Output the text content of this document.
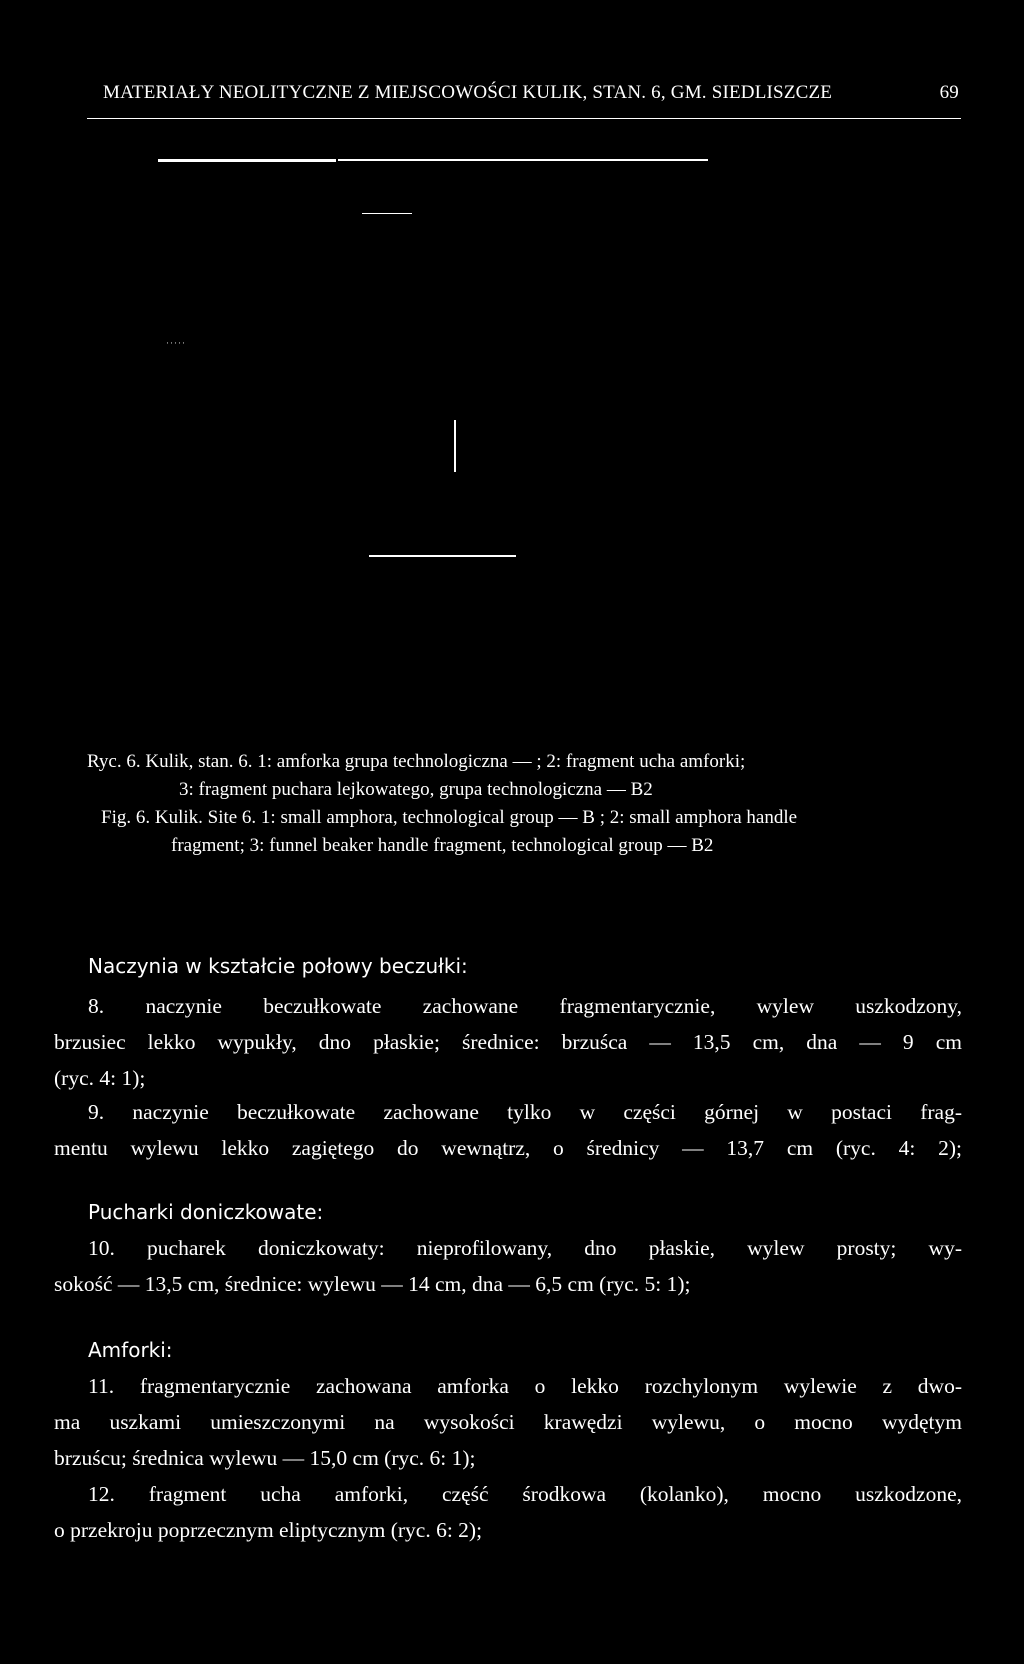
MATERIAŁY NEOLITYCZNE Z MIEJSCOWOŚCI KULIK, STAN. 6, GM. SIEDLISZCZE	69
·····
Ryc. 6. Kulik, stan. 6. 1: amforka grupa technologiczna — ; 2: fragment ucha amforki;
3: fragment puchara lejkowatego, grupa technologiczna — B2
Fig. 6. Kulik. Site 6. 1: small amphora, technological group — B ; 2: small amphora handle
fragment; 3: funnel beaker handle fragment, technological group — B2
Naczynia w kształcie połowy beczułki:
8. naczynie beczułkowate zachowane fragmentarycznie, wylew uszkodzony,
brzusiec lekko wypukły, dno płaskie; średnice: brzuśca — 13,5 cm, dna — 9 cm
(ryc. 4: 1);
9. naczynie beczułkowate zachowane tylko w części górnej w postaci frag-
mentu wylewu lekko zagiętego do wewnątrz, o średnicy — 13,7 cm (ryc. 4: 2);
Pucharki doniczkowate:
10. pucharek doniczkowaty: nieprofilowany, dno płaskie, wylew prosty; wy-
sokość — 13,5 cm, średnice: wylewu — 14 cm, dna — 6,5 cm (ryc. 5: 1);
Amforki:
11. fragmentarycznie zachowana amforka o lekko rozchylonym wylewie z dwo-
ma uszkami umieszczonymi na wysokości krawędzi wylewu, o mocno wydętym
brzuścu; średnica wylewu — 15,0 cm (ryc. 6: 1);
12. fragment ucha amforki, część środkowa (kolanko), mocno uszkodzone,
o przekroju poprzecznym eliptycznym (ryc. 6: 2);
